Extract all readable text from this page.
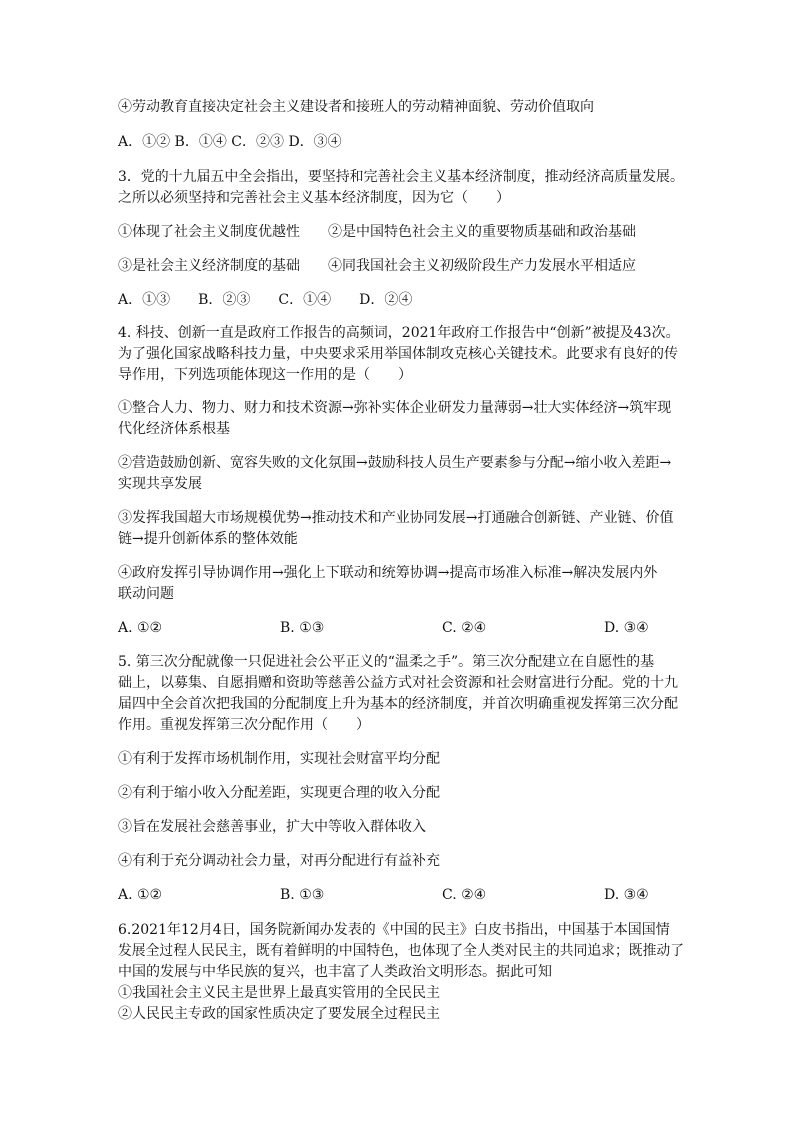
④劳动教育直接决定社会主义建设者和接班人的劳动精神面貌、劳动价值取向
A．①② B．①④ C．②③ D．③④
3．党的十九届五中全会指出，要坚持和完善社会主义基本经济制度，推动经济高质量发展。
之所以必须坚持和完善社会主义基本经济制度，因为它（　　）
①体现了社会主义制度优越性　　②是中国特色社会主义的重要物质基础和政治基础
③是社会主义经济制度的基础　　④同我国社会主义初级阶段生产力发展水平相适应
A．①③　　B．②③　　C．①④　　D．②④
4. 科技、创新一直是政府工作报告的高频词，2021年政府工作报告中“创新”被提及43次。
为了强化国家战略科技力量，中央要求采用举国体制攻克核心关键技术。此要求有良好的传
导作用，下列选项能体现这一作用的是（　　）
①整合人力、物力、财力和技术资源→弥补实体企业研发力量薄弱→壮大实体经济→筑牢现
代化经济体系根基
②营造鼓励创新、宽容失败的文化氛围→鼓励科技人员生产要素参与分配→缩小收入差距→
实现共享发展
③发挥我国超大市场规模优势→推动技术和产业协同发展→打通融合创新链、产业链、价值
链→提升创新体系的整体效能
④政府发挥引导协调作用→强化上下联动和统筹协调→提高市场准入标准→解决发展内外
联动问题
A. ①②	B. ①③	C. ②④	D. ③④
5. 第三次分配就像一只促进社会公平正义的“温柔之手”。第三次分配建立在自愿性的基
础上，以募集、自愿捐赠和资助等慈善公益方式对社会资源和社会财富进行分配。党的十九
届四中全会首次把我国的分配制度上升为基本的经济制度，并首次明确重视发挥第三次分配
作用。重视发挥第三次分配作用（　　）
①有利于发挥市场机制作用，实现社会财富平均分配
②有利于缩小收入分配差距，实现更合理的收入分配
③旨在发展社会慈善事业，扩大中等收入群体收入
④有利于充分调动社会力量，对再分配进行有益补充
A. ①②	B. ①③	C. ②④	D. ③④
6.2021年12月4日，国务院新闻办发表的《中国的民主》白皮书指出，中国基于本国国情
发展全过程人民民主，既有着鲜明的中国特色，也体现了全人类对民主的共同追求；既推动了
中国的发展与中华民族的复兴，也丰富了人类政治文明形态。据此可知
①我国社会主义民主是世界上最真实管用的全民民主
②人民民主专政的国家性质决定了要发展全过程民主
